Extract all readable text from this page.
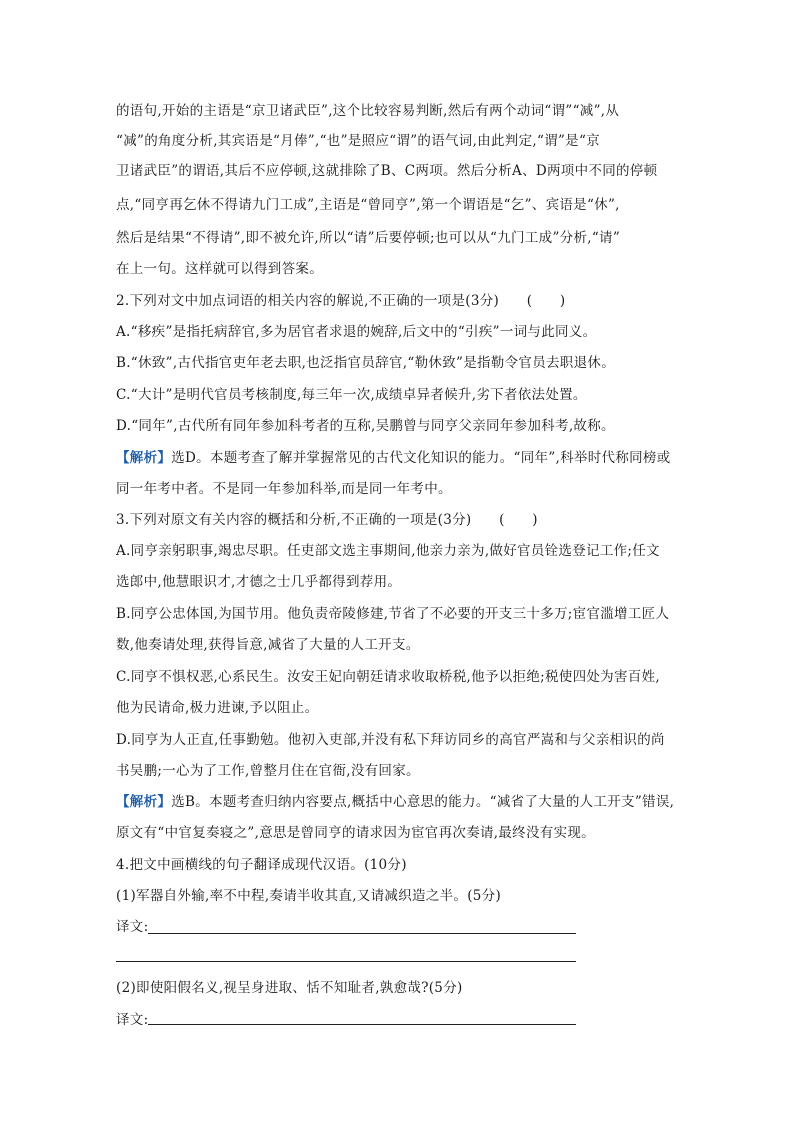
的语句,开始的主语是“京卫诸武臣”,这个比较容易判断,然后有两个动词“谓”“减”,从
“减”的角度分析,其宾语是“月俸”,“也”是照应“谓”的语气词,由此判定,“谓”是“京
卫诸武臣”的谓语,其后不应停顿,这就排除了B、C两项。然后分析A、D两项中不同的停顿
点,“同亨再乞休不得请九门工成”,主语是“曾同亨”,第一个谓语是“乞”、宾语是“休”,
然后是结果“不得请”,即不被允许,所以“请”后要停顿;也可以从“九门工成”分析,“请”
在上一句。这样就可以得到答案。
2.下列对文中加点词语的相关内容的解说,不正确的一项是(3分)　　(　　)
A.“移疾”是指托病辞官,多为居官者求退的婉辞,后文中的“引疾”一词与此同义。
B.“休致”,古代指官吏年老去职,也泛指官员辞官,“勒休致”是指勒令官员去职退休。
C.“大计”是明代官员考核制度,每三年一次,成绩卓异者候升,劣下者依法处置。
D.“同年”,古代所有同年参加科考者的互称,吴鹏曾与同亨父亲同年参加科考,故称。
【解析】选D。本题考查了解并掌握常见的古代文化知识的能力。“同年”,科举时代称同榜或
同一年考中者。不是同一年参加科举,而是同一年考中。
3.下列对原文有关内容的概括和分析,不正确的一项是(3分)　　(　　)
A.同亨亲躬职事,竭忠尽职。任吏部文选主事期间,他亲力亲为,做好官员铨选登记工作;任文
选郎中,他慧眼识才,才德之士几乎都得到荐用。
B.同亨公忠体国,为国节用。他负责帝陵修建,节省了不必要的开支三十多万;宦官滥增工匠人
数,他奏请处理,获得旨意,减省了大量的人工开支。
C.同亨不惧权恶,心系民生。汝安王妃向朝廷请求收取桥税,他予以拒绝;税使四处为害百姓,
他为民请命,极力进谏,予以阻止。
D.同亨为人正直,任事勤勉。他初入吏部,并没有私下拜访同乡的高官严嵩和与父亲相识的尚
书吴鹏;一心为了工作,曾整月住在官衙,没有回家。
【解析】选B。本题考查归纳内容要点,概括中心意思的能力。“减省了大量的人工开支”错误,
原文有“中官复奏寝之”,意思是曾同亨的请求因为宦官再次奏请,最终没有实现。
4.把文中画横线的句子翻译成现代汉语。(10分)
(1)军器自外输,率不中程,奏请半收其直,又请减织造之半。(5分)
译文:
(2)即使阳假名义,视呈身进取、恬不知耻者,孰愈哉?(5分)
译文:
